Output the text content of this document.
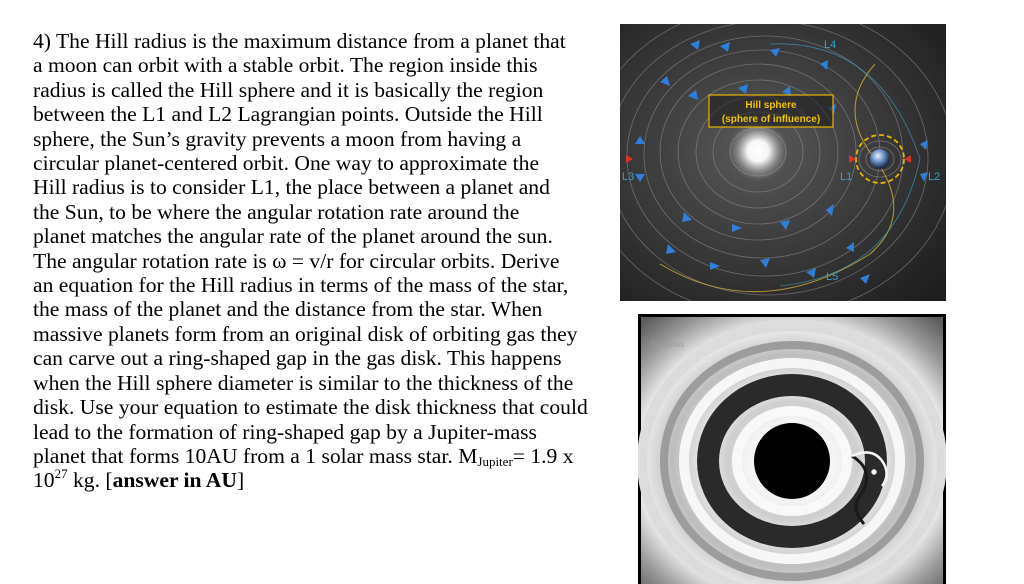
4) The Hill radius is the maximum distance from a planet that
a moon can orbit with a stable orbit. The region inside this
radius is called the Hill sphere and it is basically the region
between the L1 and L2 Lagrangian points. Outside the Hill
sphere, the Sun’s gravity prevents a moon from having a
circular planet-centered orbit. One way to approximate the
Hill radius is to consider L1, the place between a planet and
the Sun, to be where the angular rotation rate around the
planet matches the angular rate of the planet around the sun.
The angular rotation rate is ω = v/r for circular orbits. Derive
an equation for the Hill radius in terms of the mass of the star,
the mass of the planet and the distance from the star. When
massive planets form from an original disk of orbiting gas they
can carve out a ring-shaped gap in the gas disk. This happens
when the Hill sphere diameter is similar to the thickness of the
disk. Use your equation to estimate the disk thickness that could
lead to the formation of ring-shaped gap by a Jupiter-mass
planet that forms 10AU from a 1 solar mass star. $M_{Jupiter}= 1.9$ x
$10^{27}$ kg. [answer in AU]
L4
L5
L3	L1	L2
Hill sphere
(sphere of influence)
99.9 orbits
